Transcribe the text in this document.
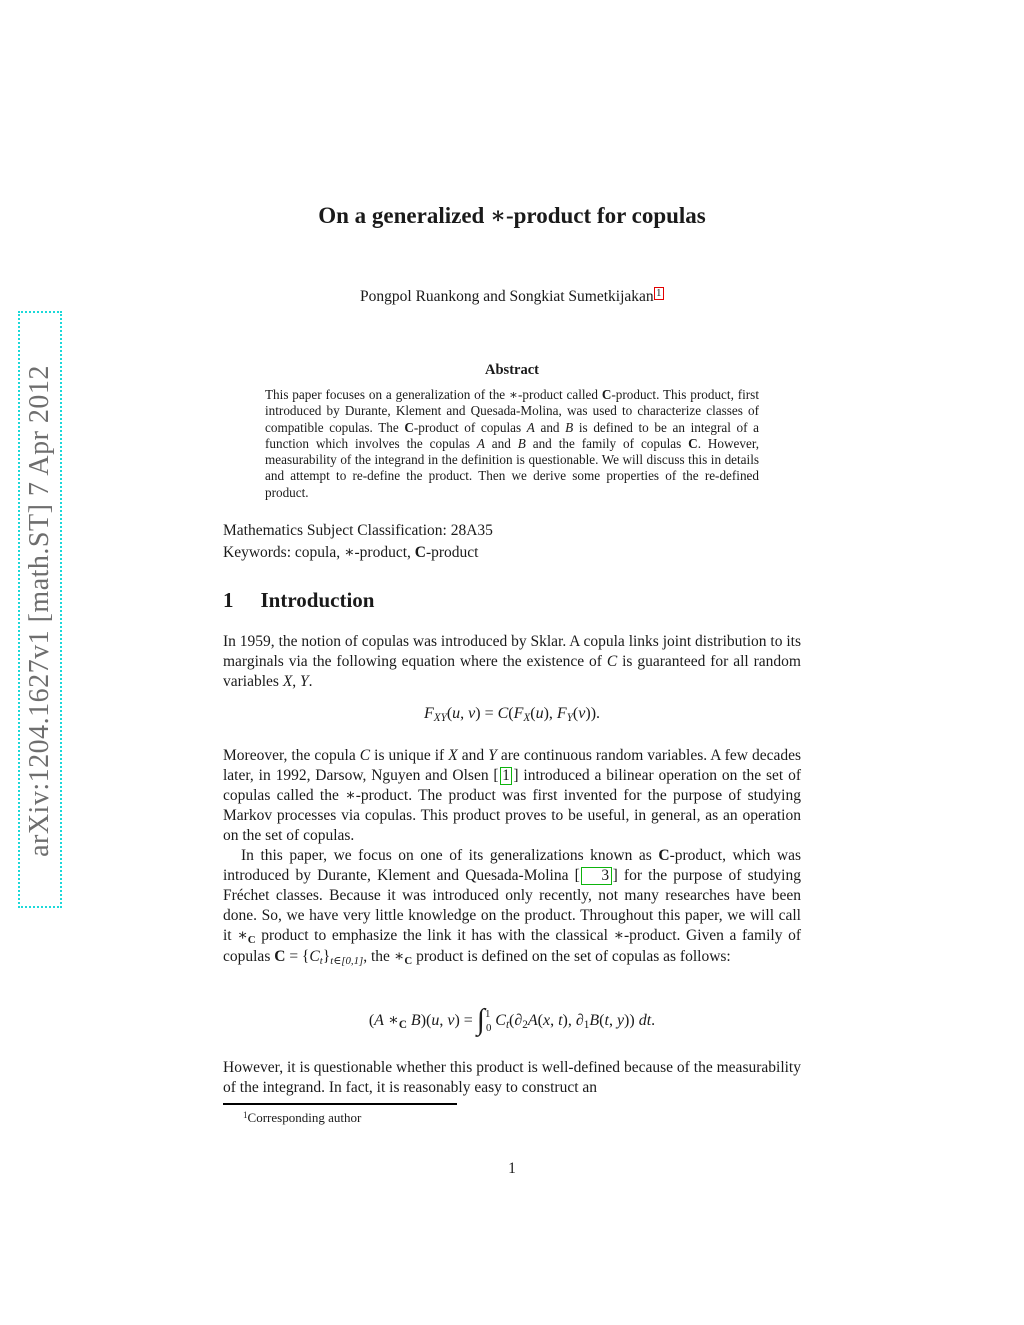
arXiv:1204.1627v1 [math.ST] 7 Apr 2012
On a generalized ∗-product for copulas
Pongpol Ruankong and Songkiat Sumetkijakan 1
Abstract
This paper focuses on a generalization of the ∗-product called C-product. This product, first introduced by Durante, Klement and Quesada-Molina, was used to characterize classes of compatible copulas. The C-product of copulas A and B is defined to be an integral of a function which involves the copulas A and B and the family of copulas C. However, measurability of the integrand in the definition is questionable. We will discuss this in details and attempt to re-define the product. Then we derive some properties of the re-defined product.
Mathematics Subject Classification: 28A35
Keywords: copula, ∗-product, C-product
1 Introduction
In 1959, the notion of copulas was introduced by Sklar. A copula links joint distribution to its marginals via the following equation where the existence of C is guaranteed for all random variables X, Y.
$F_{XY}(u$, $v) = C(F_X(u)$, $F_Y(v)$).
Moreover, the copula C is unique if X and Y are continuous random variables. A few decades later, in 1992, Darsow, Nguyen and Olsen [ 1 ] introduced a bilinear operation on the set of copulas called the ∗-product. The product was first invented for the purpose of studying Markov processes via copulas. This product proves to be useful, in general, as an operation on the set of copulas.
In this paper, we focus on one of its generalizations known as C-product, which was introduced by Durante, Klement and Quesada-Molina [ 3 ] for the purpose of studying Fréchet classes. Because it was introduced only recently, not many researches have been done. So, we have very little knowledge on the product. Throughout this paper, we will call it $∗_C$ product to emphasize the link it has with the classical ∗-product. Given a family of copulas $C = \{C_t\}_{t\in[0,1]}$, the $∗_C$ product is defined on the set of copulas as follows:
(A $∗_C$ B)(u, v) = ∫$^1_0$ $C_t(\partial_2A(x$, t), $\partial_1B(t$, y)) dt.
However, it is questionable whether this product is well-defined because of the measurability of the integrand. In fact, it is reasonably easy to construct an
$^1$Corresponding author
1
